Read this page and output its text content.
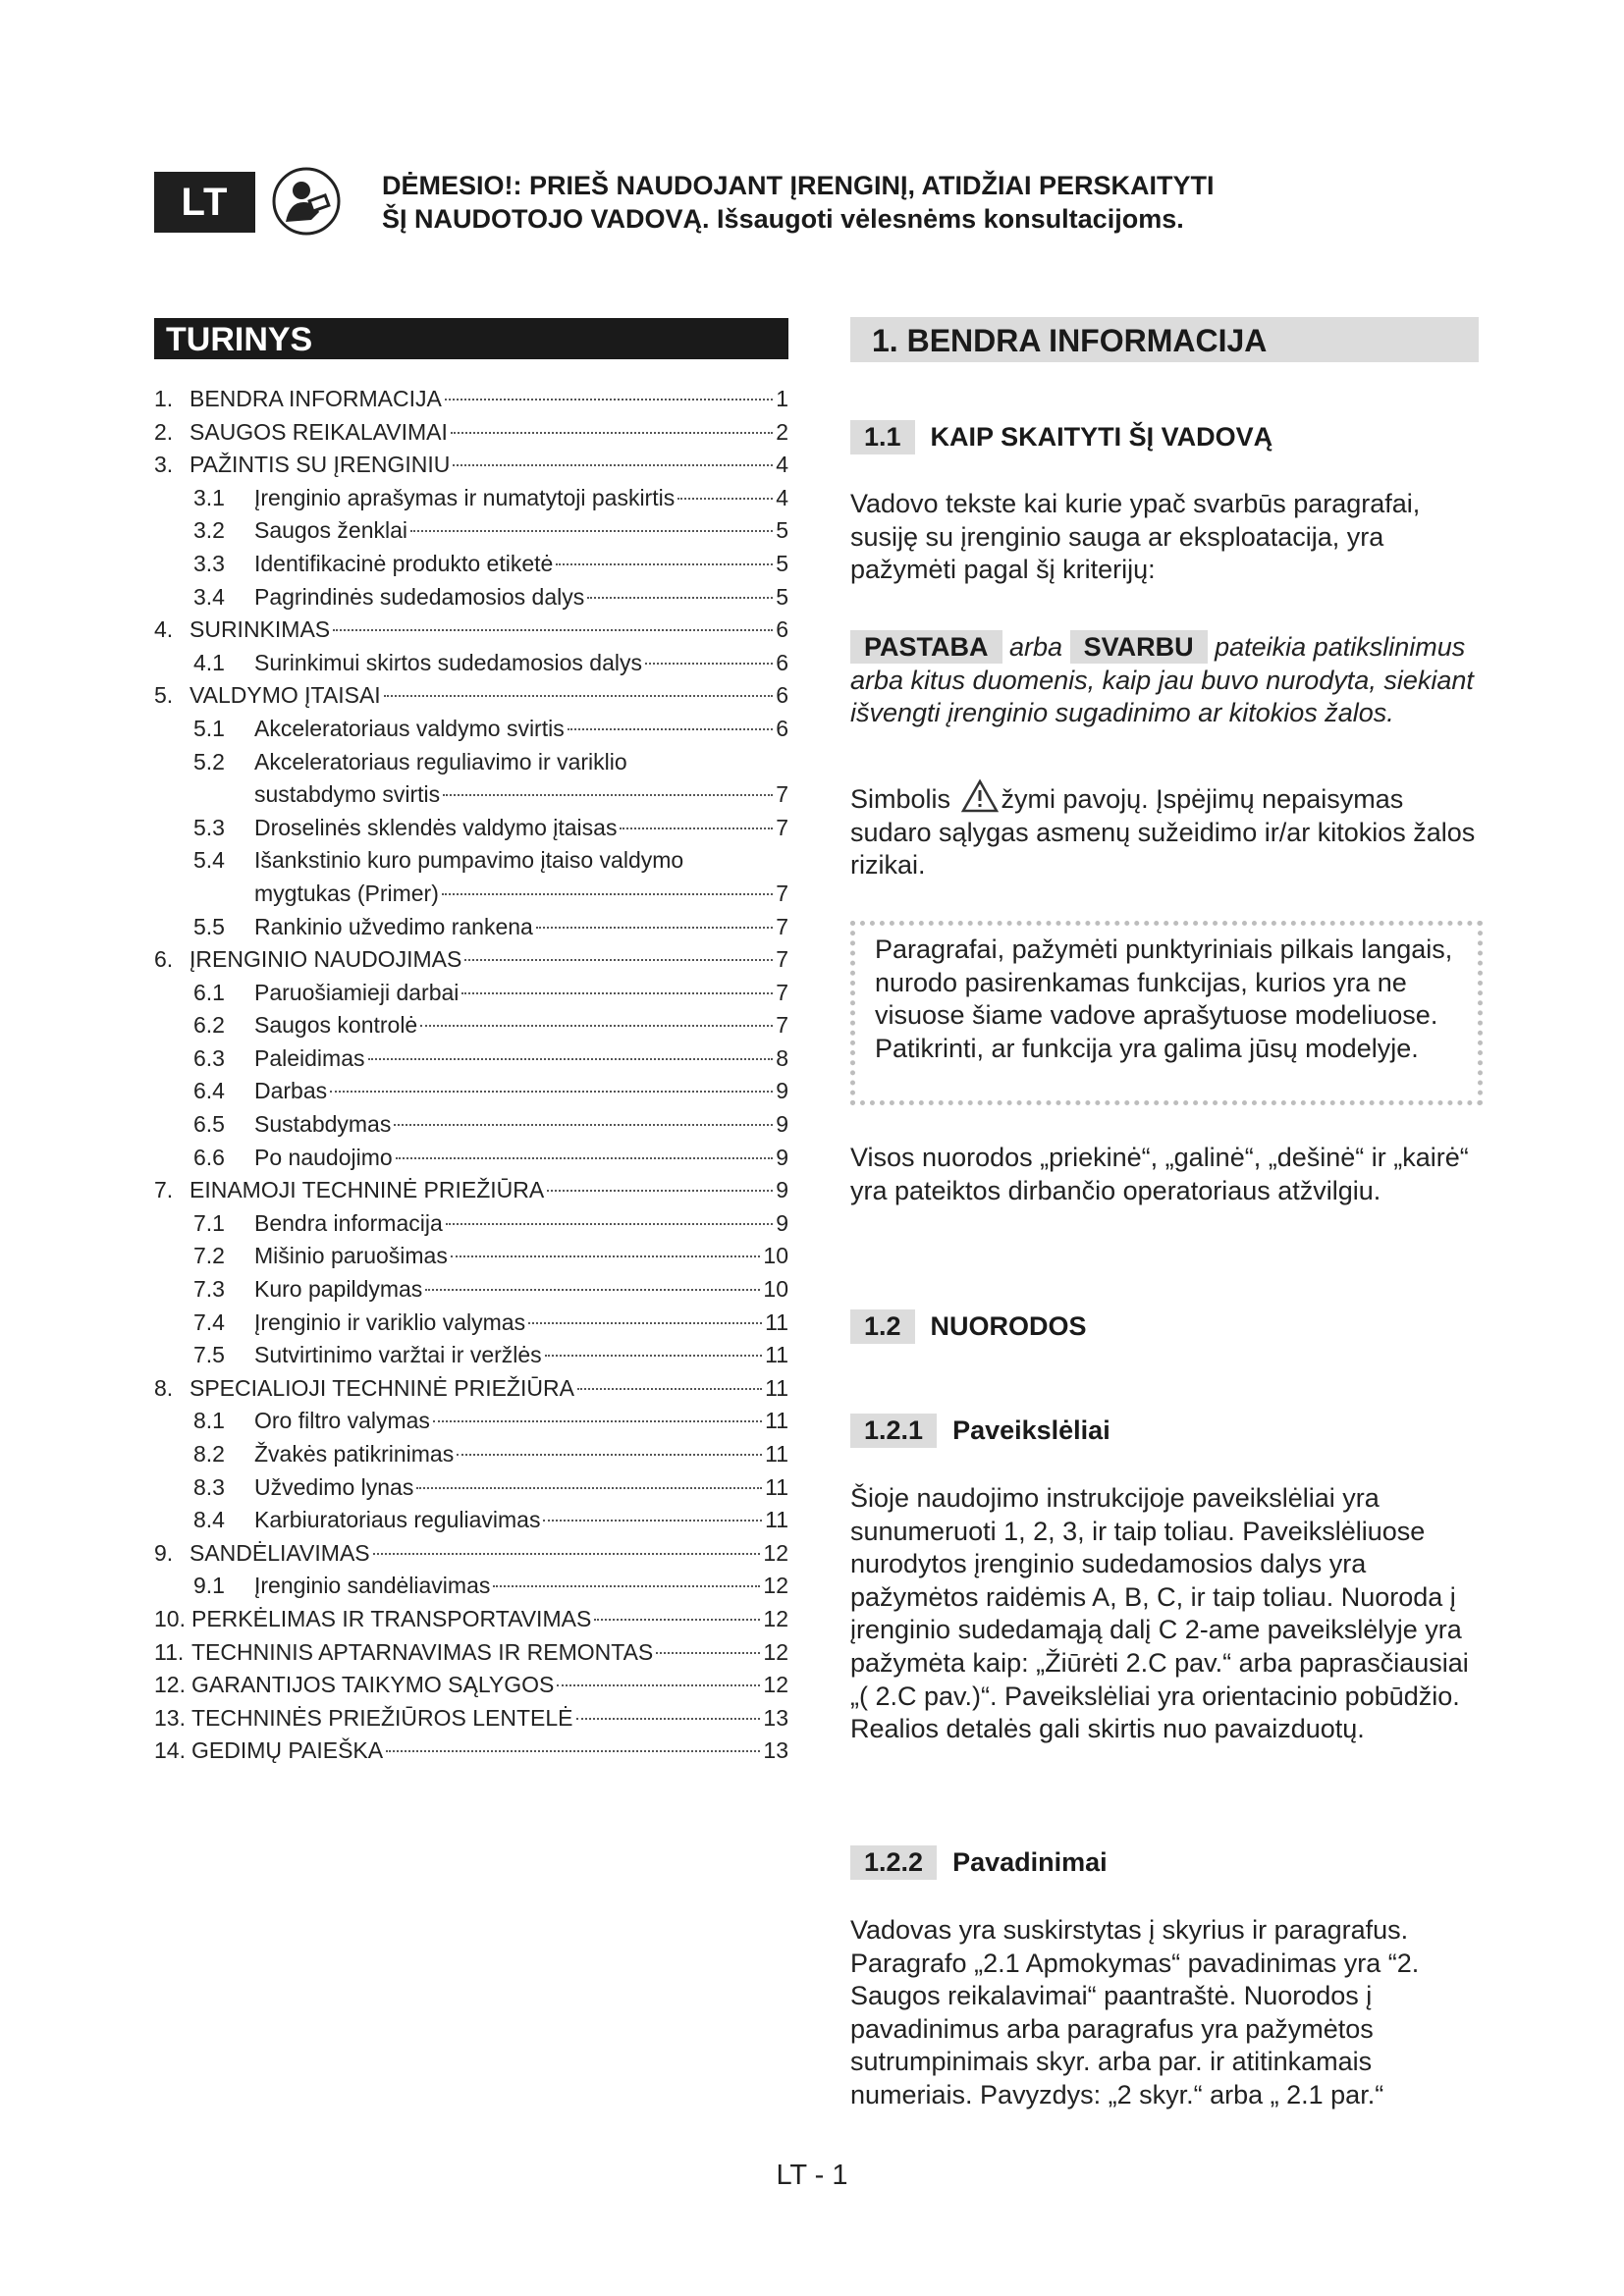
LT	DĖMESIO!: PRIEŠ NAUDOJANT ĮRENGINĮ, ATIDŽIAI PERSKAITYTI
ŠĮ NAUDOTOJO VADOVĄ. Išsaugoti vėlesnėms konsultacijoms.
TURINYS
1. BENDRA INFORMACIJA	1
2. SAUGOS REIKALAVIMAI	2
3. PAŽINTIS SU ĮRENGINIU	4
3.1	Įrenginio aprašymas ir numatytoji paskirtis	4
3.2	Saugos ženklai	5
3.3	Identifikacinė produkto etiketė	5
3.4	Pagrindinės sudedamosios dalys	5
4. SURINKIMAS	6
4.1	Surinkimui skirtos sudedamosios dalys	6
5. VALDYMO ĮTAISAI	6
5.1	Akceleratoriaus valdymo svirtis	6
5.2	Akceleratoriaus reguliavimo ir variklio
sustabdymo svirtis	7
5.3	Droselinės sklendės valdymo įtaisas	7
5.4	Išankstinio kuro pumpavimo įtaiso valdymo
mygtukas (Primer)	7
5.5	Rankinio užvedimo rankena	7
6. ĮRENGINIO NAUDOJIMAS	7
6.1	Paruošiamieji darbai	7
6.2	Saugos kontrolė	7
6.3	Paleidimas	8
6.4	Darbas	9
6.5	Sustabdymas	9
6.6	Po naudojimo	9
7. EINAMOJI TECHNINĖ PRIEŽIŪRA	9
7.1	Bendra informacija	9
7.2	Mišinio paruošimas	10
7.3	Kuro papildymas	10
7.4	Įrenginio ir variklio valymas	11
7.5	Sutvirtinimo varžtai ir veržlės	11
8. SPECIALIOJI TECHNINĖ PRIEŽIŪRA	11
8.1	Oro filtro valymas	11
8.2	Žvakės patikrinimas	11
8.3	Užvedimo lynas	11
8.4	Karbiuratoriaus reguliavimas	11
9. SANDĖLIAVIMAS	12
9.1	Įrenginio sandėliavimas	12
10. PERKĖLIMAS IR TRANSPORTAVIMAS	12
11. TECHNINIS APTARNAVIMAS IR REMONTAS	12
12. GARANTIJOS TAIKYMO SĄLYGOS	12
13. TECHNINĖS PRIEŽIŪROS LENTELĖ	13
14. GEDIMŲ PAIEŠKA	13
1. BENDRA INFORMACIJA
1.1	KAIP SKAITYTI ŠĮ VADOVĄ
Vadovo tekste kai kurie ypač svarbūs paragrafai, susiję su įrenginio sauga ar eksploatacija, yra pažymėti pagal šį kriterijų:
PASTABA arba SVARBU pateikia patikslinimus arba kitus duomenis, kaip jau buvo nurodyta, siekiant išvengti įrenginio sugadinimo ar kitokios žalos.
Simbolis žymi pavojų. Įspėjimų nepaisymas sudaro sąlygas asmenų sužeidimo ir/ar kitokios žalos rizikai.
Paragrafai, pažymėti punktyriniais pilkais langais, nurodo pasirenkamas funkcijas, kurios yra ne visuose šiame vadove aprašytuose modeliuose. Patikrinti, ar funkcija yra galima jūsų modelyje.
Visos nuorodos „priekinė“, „galinė“, „dešinė“ ir „kairė“ yra pateiktos dirbančio operatoriaus atžvilgiu.
1.2	NUORODOS
1.2.1	Paveikslėliai
Šioje naudojimo instrukcijoje paveikslėliai yra sunumeruoti 1, 2, 3, ir taip toliau. Paveikslėliuose nurodytos įrenginio sudedamosios dalys yra pažymėtos raidėmis A, B, C, ir taip toliau. Nuoroda į įrenginio sudedamąją dalį C 2-ame paveikslėlyje yra pažymėta kaip: „Žiūrėti 2.C pav.“ arba paprasčiausiai „( 2.C pav.)“. Paveikslėliai yra orientacinio pobūdžio. Realios detalės gali skirtis nuo pavaizduotų.
1.2.2	Pavadinimai
Vadovas yra suskirstytas į skyrius ir paragrafus. Paragrafo „2.1 Apmokymas“ pavadinimas yra “2. Saugos reikalavimai“ paantraštė. Nuorodos į pavadinimus arba paragrafus yra pažymėtos sutrumpinimais skyr. arba par. ir atitinkamais numeriais. Pavyzdys: „2 skyr.“ arba „ 2.1 par.“
LT - 1
